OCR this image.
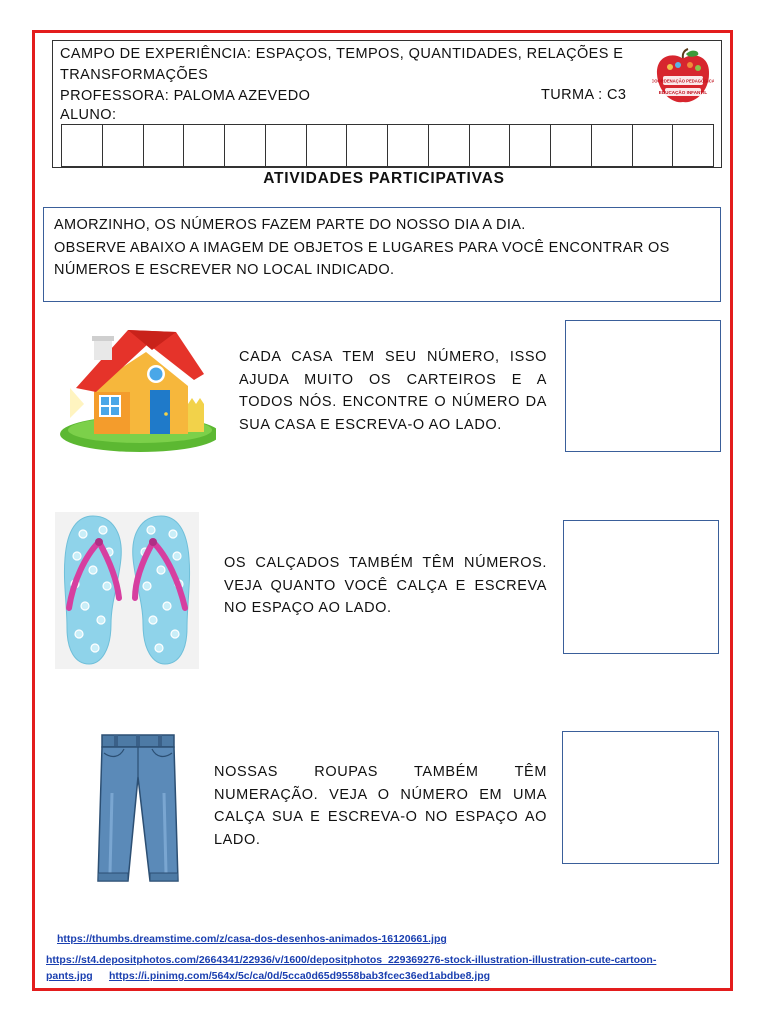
CAMPO DE EXPERIÊNCIA: ESPAÇOS, TEMPOS, QUANTIDADES, RELAÇÕES E
TRANSFORMAÇÕES
PROFESSORA: PALOMA AZEVEDO	TURMA : C3
ALUNO:
COORDENAÇÃO PEDAGÓGICA
EDUCAÇÃO INFANTIL
ATIVIDADES PARTICIPATIVAS

AMORZINHO, OS NÚMEROS FAZEM PARTE DO NOSSO DIA A DIA.

OBSERVE ABAIXO A IMAGEM DE OBJETOS E LUGARES PARA VOCÊ ENCONTRAR OS

NÚMEROS E ESCREVER NO LOCAL INDICADO.

CADA CASA TEM SEU NÚMERO, ISSO AJUDA MUITO OS CARTEIROS E A TODOS NÓS. ENCONTRE O NÚMERO DA SUA CASA E ESCREVA-O AO LADO.
OS CALÇADOS TAMBÉM TÊM NÚMEROS. VEJA QUANTO VOCÊ CALÇA E ESCREVA NO ESPAÇO AO LADO.
NOSSAS ROUPAS TAMBÉM TÊM NUMERAÇÃO. VEJA O NÚMERO EM UMA CALÇA SUA E ESCREVA-O NO ESPAÇO AO LADO.
https://thumbs.dreamstime.com/z/casa-dos-desenhos-animados-16120661.jpg
https://st4.depositphotos.com/2664341/22936/v/1600/depositphotos_229369276-stock-illustration-illustration-cute-cartoon-
pants.jpg https://i.pinimg.com/564x/5c/ca/0d/5cca0d65d9558bab3fcec36ed1abdbe8.jpg
